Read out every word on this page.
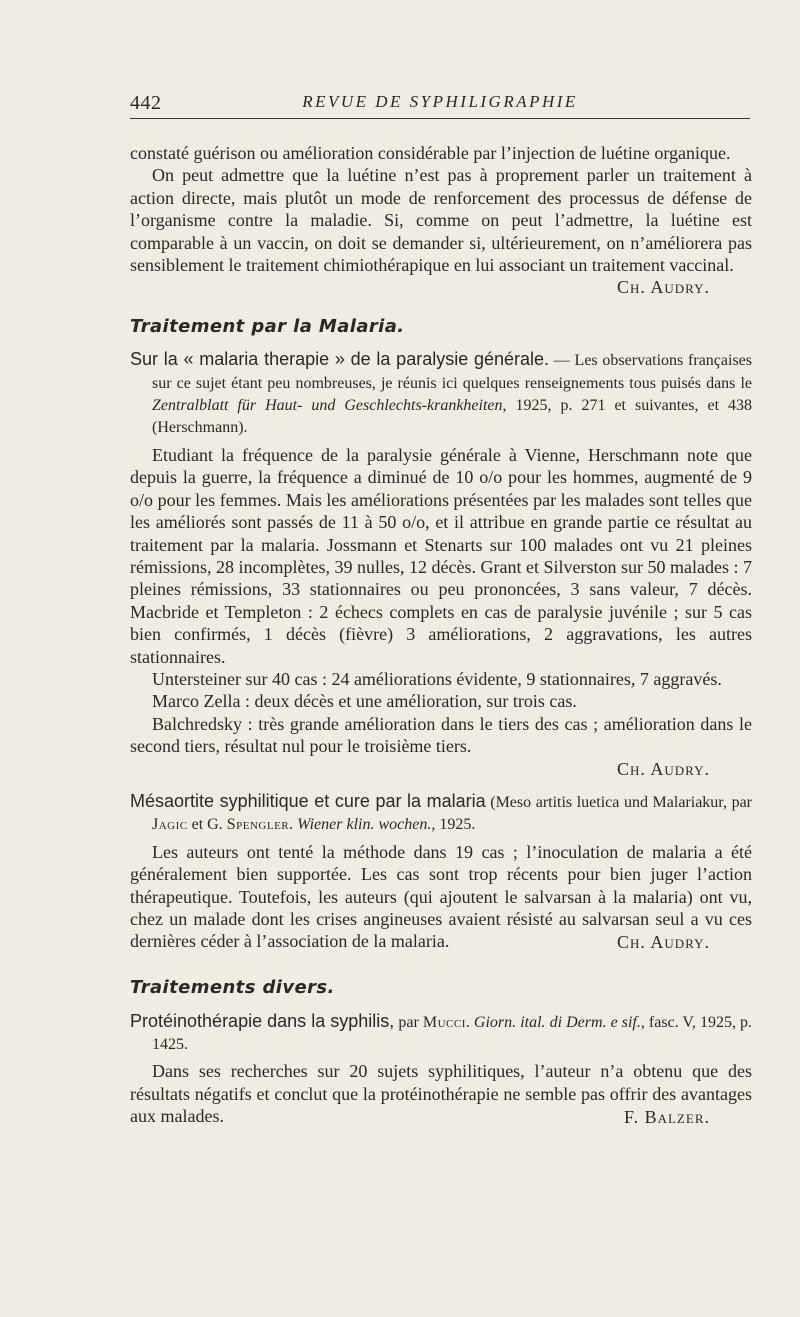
442	REVUE DE SYPHILIGRAPHIE

constaté guérison ou amélioration considérable par l’injection de luétine organique.

On peut admettre que la luétine n’est pas à proprement parler un traitement à action directe, mais plutôt un mode de renforcement des processus de défense de l’organisme contre la maladie. Si, comme on peut l’admettre, la luétine est comparable à un vaccin, on doit se demander si, ultérieurement, on n’améliorera pas sensiblement le traitement chimiothérapique en lui associant un traitement vaccinal.

Ch. Audry.

Traitement par la Malaria.

Sur la « malaria therapie » de la paralysie générale. — Les observations françaises sur ce sujet étant peu nombreuses, je réunis ici quelques renseignements tous puisés dans le Zentralblatt für Haut- und Geschlechts-krankheiten, 1925, p. 271 et suivantes, et 438 (Herschmann).

Etudiant la fréquence de la paralysie générale à Vienne, Herschmann note que depuis la guerre, la fréquence a diminué de 10 o/o pour les hommes, augmenté de 9 o/o pour les femmes. Mais les améliorations présentées par les malades sont telles que les améliorés sont passés de 11 à 50 o/o, et il attribue en grande partie ce résultat au traitement par la malaria. Jossmann et Stenarts sur 100 malades ont vu 21 pleines rémissions, 28 incomplètes, 39 nulles, 12 décès. Grant et Silverston sur 50 malades : 7 pleines rémissions, 33 stationnaires ou peu prononcées, 3 sans valeur, 7 décès. Macbride et Templeton : 2 échecs complets en cas de paralysie juvénile ; sur 5 cas bien confirmés, 1 décès (fièvre) 3 améliorations, 2 aggravations, les autres stationnaires.

Untersteiner sur 40 cas : 24 améliorations évidente, 9 stationnaires, 7 aggravés.

Marco Zella : deux décès et une amélioration, sur trois cas.

Balchredsky : très grande amélioration dans le tiers des cas ; amélioration dans le second tiers, résultat nul pour le troisième tiers.

Ch. Audry.

Mésaortite syphilitique et cure par la malaria (Meso artitis luetica und Malariakur, par Jagic et G. Spengler. Wiener klin. wochen., 1925.

Les auteurs ont tenté la méthode dans 19 cas ; l’inoculation de malaria a été généralement bien supportée. Les cas sont trop récents pour bien juger l’action thérapeutique. Toutefois, les auteurs (qui ajoutent le salvarsan à la malaria) ont vu, chez un malade dont les crises angineuses avaient résisté au salvarsan seul a vu ces dernières céder à l’association de la malaria.	Ch. Audry.

Traitements divers.

Protéinothérapie dans la syphilis, par Mucci. Giorn. ital. di Derm. e sif., fasc. V, 1925, p. 1425.

Dans ses recherches sur 20 sujets syphilitiques, l’auteur n’a obtenu que des résultats négatifs et conclut que la protéinothérapie ne semble pas offrir des avantages aux malades.	F. Balzer.
